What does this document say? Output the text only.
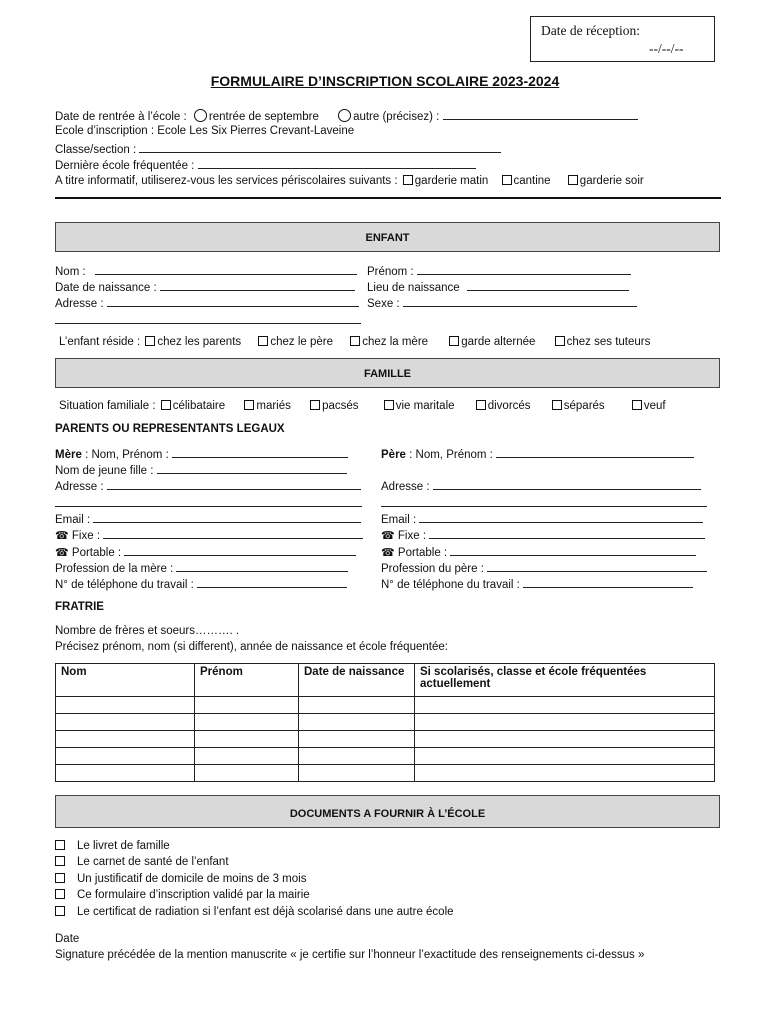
Date de réception:
--/--/--
FORMULAIRE D’INSCRIPTION SCOLAIRE 2023-2024
Date de rentrée à l’école : rentrée de septembre	autre (précisez) :
Ecole d’inscription : Ecole Les Six Pierres Crevant-Laveine
Classe/section :
Dernière école fréquentée :
A titre informatif, utiliserez-vous les services périscolaires suivants : garderie matin cantine	garderie soir
ENFANT
Nom :	Prénom :
Date de naissance :	Lieu de naissance
Adresse :	Sexe :
L’enfant réside : chez les parents	chez le père	chez la mère	garde alternée	chez ses tuteurs
FAMILLE
Situation familiale : célibataire	mariés	pacsés	vie maritale	divorcés	séparés	veuf
PARENTS OU REPRESENTANTS LEGAUX
Mère : Nom, Prénom :
Nom de jeune fille :
Adresse :
Email :
☎ Fixe :
☎ Portable :
Profession de la mère :
N° de téléphone du travail :
Père : Nom, Prénom :
Adresse :
Email :
☎ Fixe :
☎ Portable :
Profession du père :
N° de téléphone du travail :
FRATRIE
Nombre de frères et soeurs………. .
Précisez prénom, nom (si different), année de naissance et école fréquentée:
Nom	Prénom	Date de naissance	Si scolarisés, classe et école fréquentées actuellement

DOCUMENTS A FOURNIR À L’ÉCOLE
Le livret de famille
Le carnet de santé de l’enfant
Un justificatif de domicile de moins de 3 mois
Ce formulaire d’inscription validé par la mairie
Le certificat de radiation si l’enfant est déjà scolarisé dans une autre école
Date
Signature précédée de la mention manuscrite « je certifie sur l’honneur l’exactitude des renseignements ci-dessus »
